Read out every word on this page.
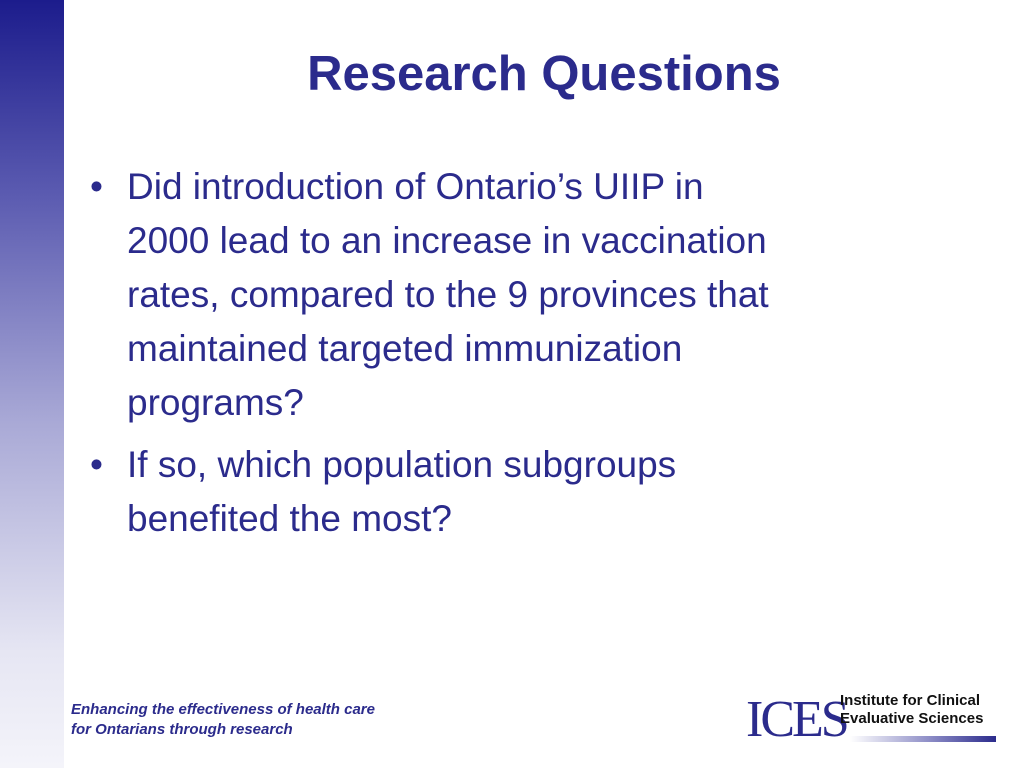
Research Questions
• Did introduction of Ontario’s UIIP in
2000 lead to an increase in vaccination
rates, compared to the 9 provinces that
maintained targeted immunization
programs?
• If so, which population subgroups
benefited the most?
Enhancing the effectiveness of health care
for Ontarians through research	ICES
Institute for Clinical
Evaluative Sciences
